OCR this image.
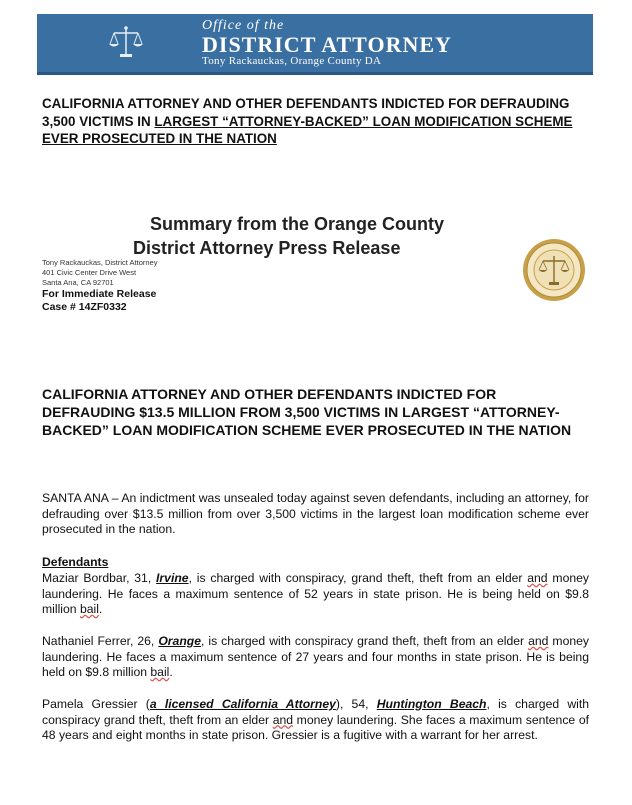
Office of the
DISTRICT ATTORNEY
Tony Rackauckas, Orange County DA
CALIFORNIA ATTORNEY AND OTHER DEFENDANTS INDICTED FOR DEFRAUDING 3,500 VICTIMS IN LARGEST “ATTORNEY-BACKED” LOAN MODIFICATION SCHEME EVER PROSECUTED IN THE NATION
Summary from the Orange County
District Attorney Press Release
Tony Rackauckas, District Attorney
401 Civic Center Drive West
Santa Ana, CA 92701
For Immediate Release
Case # 14ZF0332
CALIFORNIA ATTORNEY AND OTHER DEFENDANTS INDICTED FOR DEFRAUDING $13.5 MILLION FROM 3,500 VICTIMS IN LARGEST “ATTORNEY-BACKED” LOAN MODIFICATION SCHEME EVER PROSECUTED IN THE NATION
SANTA ANA – An indictment was unsealed today against seven defendants, including an attorney, for defrauding over $13.5 million from over 3,500 victims in the largest loan modification scheme ever prosecuted in the nation.
Defendants
Maziar Bordbar, 31, Irvine, is charged with conspiracy, grand theft, theft from an elder and money laundering. He faces a maximum sentence of 52 years in state prison. He is being held on $9.8 million bail.
Nathaniel Ferrer, 26, Orange, is charged with conspiracy grand theft, theft from an elder and money laundering. He faces a maximum sentence of 27 years and four months in state prison. He is being held on $9.8 million bail.
Pamela Gressier (a licensed California Attorney), 54, Huntington Beach, is charged with conspiracy grand theft, theft from an elder and money laundering. She faces a maximum sentence of 48 years and eight months in state prison. Gressier is a fugitive with a warrant for her arrest.
